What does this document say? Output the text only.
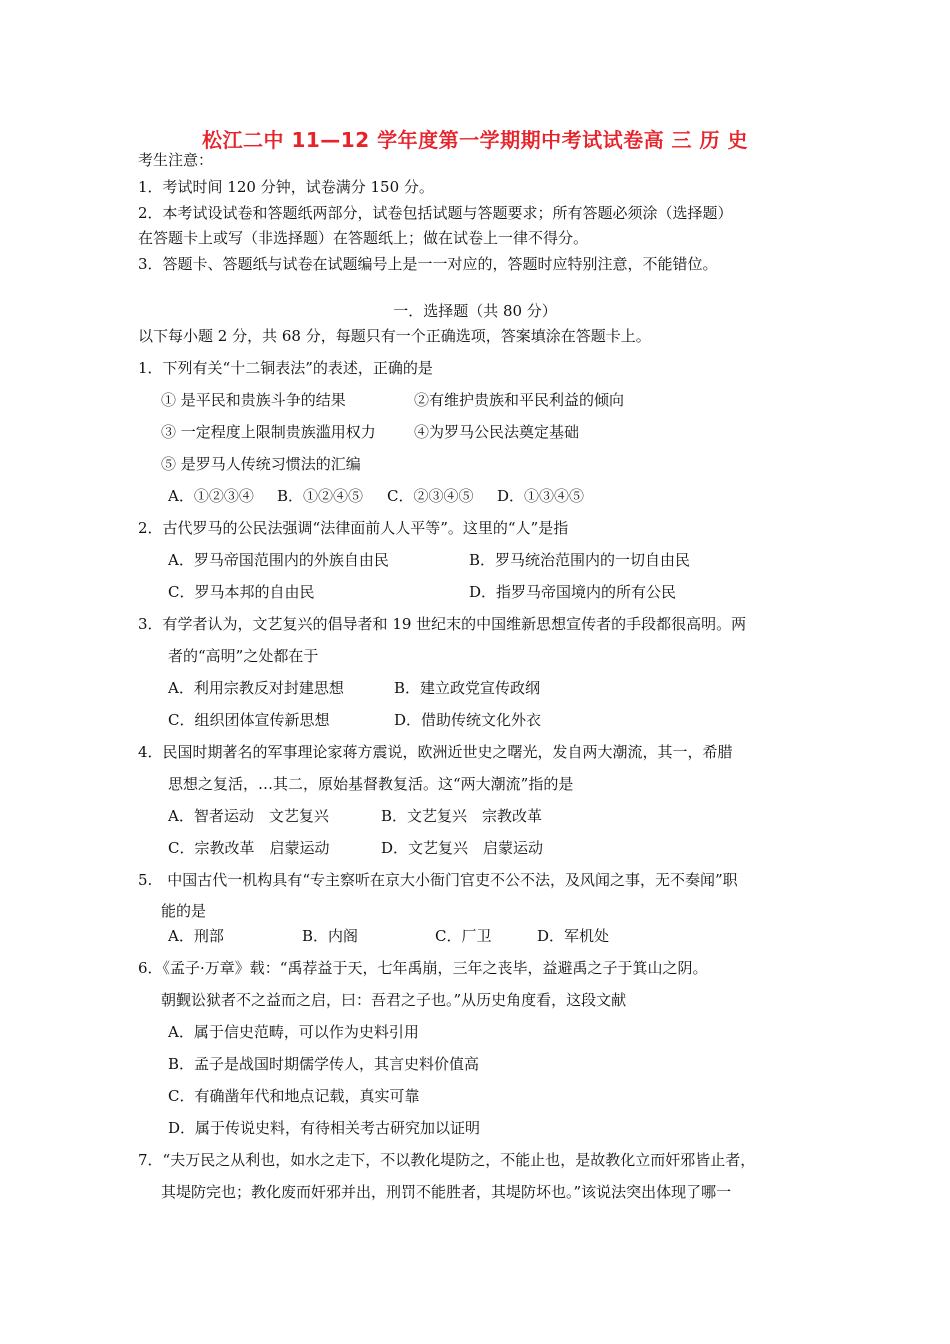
松江二中 11—12 学年度第一学期期中考试试卷高 三 历 史
考生注意：
1．考试时间 120 分钟，试卷满分 150 分。
2．本考试设试卷和答题纸两部分，试卷包括试题与答题要求；所有答题必须涂（选择题）
在答题卡上或写（非选择题）在答题纸上；做在试卷上一律不得分。
3．答题卡、答题纸与试卷在试题编号上是一一对应的，答题时应特别注意，不能错位。
一．选择题（共 80 分）
以下每小题 2 分，共 68 分，每题只有一个正确选项，答案填涂在答题卡上。
1．下列有关“十二铜表法”的表述，正确的是
① 是平民和贵族斗争的结果	②有维护贵族和平民利益的倾向
③ 一定程度上限制贵族滥用权力	④为罗马公民法奠定基础
⑤ 是罗马人传统习惯法的汇编
A．①②③④ B．①②④⑤ C．②③④⑤ D．①③④⑤
2．古代罗马的公民法强调“法律面前人人平等”。这里的“人”是指
A．罗马帝国范围内的外族自由民	B．罗马统治范围内的一切自由民
C．罗马本邦的自由民	D．指罗马帝国境内的所有公民
3．有学者认为，文艺复兴的倡导者和 19 世纪末的中国维新思想宣传者的手段都很高明。两
者的“高明”之处都在于
A．利用宗教反对封建思想	B．建立政党宣传政纲
C．组织团体宣传新思想	D．借助传统文化外衣
4．民国时期著名的军事理论家蒋方震说，欧洲近世史之曙光，发自两大潮流，其一，希腊
思想之复活，…其二，原始基督教复活。这“两大潮流”指的是
A．智者运动　文艺复兴	B．文艺复兴　宗教改革
C．宗教改革　启蒙运动	D．文艺复兴　启蒙运动
5.　中国古代一机构具有“专主察听在京大小衙门官吏不公不法，及风闻之事，无不奏闻”职
能的是
A．刑部	B．内阁	C．厂卫	D．军机处
6．《孟子·万章》载：“禹荐益于天，七年禹崩，三年之丧毕，益避禹之子于箕山之阴。
朝觐讼狱者不之益而之启，曰：吾君之子也。”从历史角度看，这段文献
A．属于信史范畴，可以作为史料引用
B．孟子是战国时期儒学传人，其言史料价值高
C．有确凿年代和地点记载，真实可靠
D．属于传说史料，有待相关考古研究加以证明
7．“夫万民之从利也，如水之走下，不以教化堤防之，不能止也，是故教化立而奸邪皆止者，
其堤防完也；教化废而奸邪并出，刑罚不能胜者，其堤防坏也。”该说法突出体现了哪一
